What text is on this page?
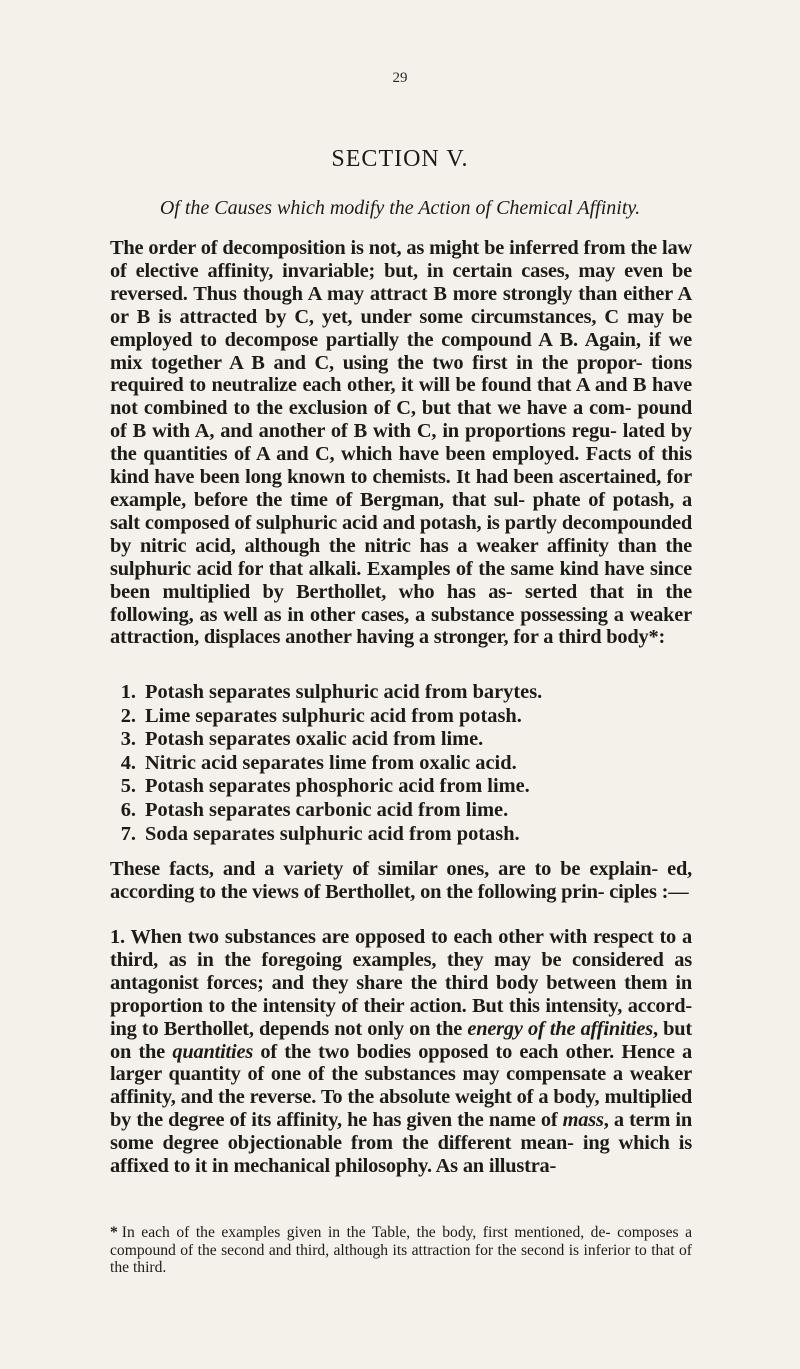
29
SECTION V.
Of the Causes which modify the Action of Chemical Affinity.

The order of decomposition is not, as might be inferred from the law of elective affinity, invariable; but, in certain cases, may even be reversed. Thus though A may attract B more strongly than either A or B is attracted by C, yet, under some circumstances, C may be employed to decompose partially the compound A B. Again, if we mix together A B and C, using the two first in the propor- tions required to neutralize each other, it will be found that A and B have not combined to the exclusion of C, but that we have a com- pound of B with A, and another of B with C, in proportions regu- lated by the quantities of A and C, which have been employed. Facts of this kind have been long known to chemists. It had been ascertained, for example, before the time of Bergman, that sul- phate of potash, a salt composed of sulphuric acid and potash, is partly decompounded by nitric acid, although the nitric has a weaker affinity than the sulphuric acid for that alkali. Examples of the same kind have since been multiplied by Berthollet, who has as- serted that in the following, as well as in other cases, a substance possessing a weaker attraction, displaces another having a stronger, for a third body*:

1. Potash separates sulphuric acid from barytes.
2. Lime separates sulphuric acid from potash.
3. Potash separates oxalic acid from lime.
4. Nitric acid separates lime from oxalic acid.
5. Potash separates phosphoric acid from lime.
6. Potash separates carbonic acid from lime.
7. Soda separates sulphuric acid from potash.

These facts, and a variety of similar ones, are to be explain- ed, according to the views of Berthollet, on the following prin- ciples :—

1. When two substances are opposed to each other with respect to a third, as in the foregoing examples, they may be considered as antagonist forces; and they share the third body between them in proportion to the intensity of their action. But this intensity, accord- ing to Berthollet, depends not only on the energy of the affinities, but on the quantities of the two bodies opposed to each other. Hence a larger quantity of one of the substances may compensate a weaker affinity, and the reverse. To the absolute weight of a body, multiplied by the degree of its affinity, he has given the name of mass, a term in some degree objectionable from the different mean- ing which is affixed to it in mechanical philosophy. As an illustra-

* In each of the examples given in the Table, the body, first mentioned, de- composes a compound of the second and third, although its attraction for the second is inferior to that of the third.
